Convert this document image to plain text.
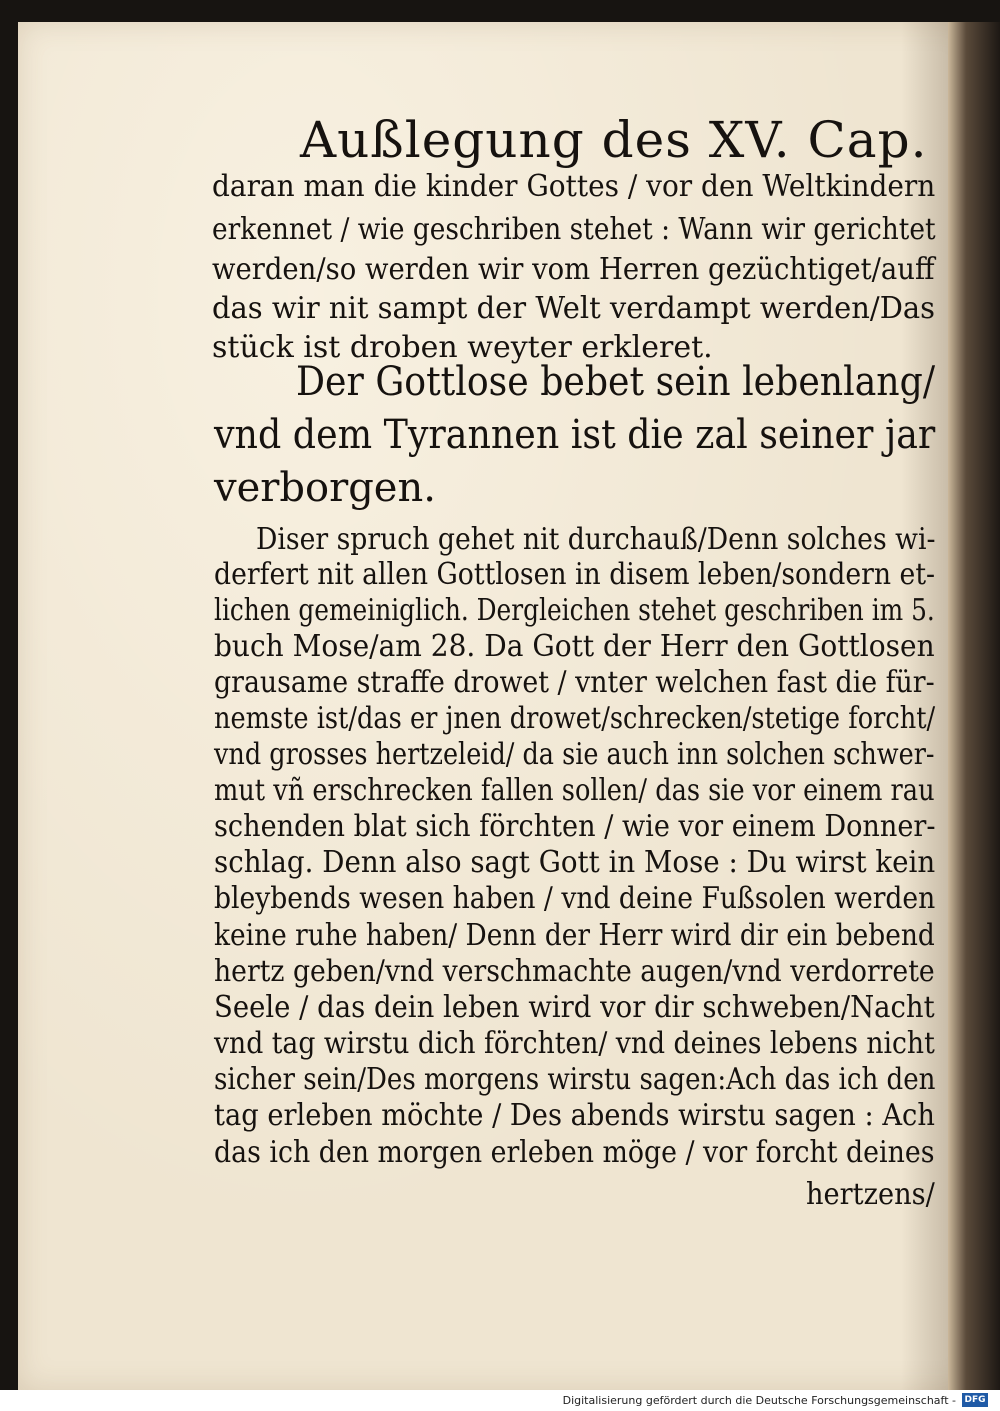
Außlegung des XV. Cap.
daran man die kinder Gottes / vor den Weltkindern
erkennet / wie geschriben stehet : Wann wir gerichtet
werden/so werden wir vom Herren gezüchtiget/auff
das wir nit sampt der Welt verdampt werden/Das
stück ist droben weyter erkleret.
Der Gottlose bebet sein lebenlang/
vnd dem Tyrannen ist die zal seiner jar
verborgen.
Diser spruch gehet nit durchauß/Denn solches wi-
derfert nit allen Gottlosen in disem leben/sondern et-
lichen gemeiniglich. Dergleichen stehet geschriben im 5.
buch Mose/am 28. Da Gott der Herr den Gottlosen
grausame straffe drowet / vnter welchen fast die für-
nemste ist/das er jnen drowet/schrecken/stetige forcht/
vnd grosses hertzeleid/ da sie auch inn solchen schwer-
mut vñ erschrecken fallen sollen/ das sie vor einem rau
schenden blat sich förchten / wie vor einem Donner-
schlag. Denn also sagt Gott in Mose : Du wirst kein
bleybends wesen haben / vnd deine Fußsolen werden
keine ruhe haben/ Denn der Herr wird dir ein bebend
hertz geben/vnd verschmachte augen/vnd verdorrete
Seele / das dein leben wird vor dir schweben/Nacht
vnd tag wirstu dich förchten/ vnd deines lebens nicht
sicher sein/Des morgens wirstu sagen:Ach das ich den
tag erleben möchte / Des abends wirstu sagen : Ach
das ich den morgen erleben möge / vor forcht deines
hertzens/
Digitalisierung gefördert durch die Deutsche Forschungsgemeinschaft - DFG
